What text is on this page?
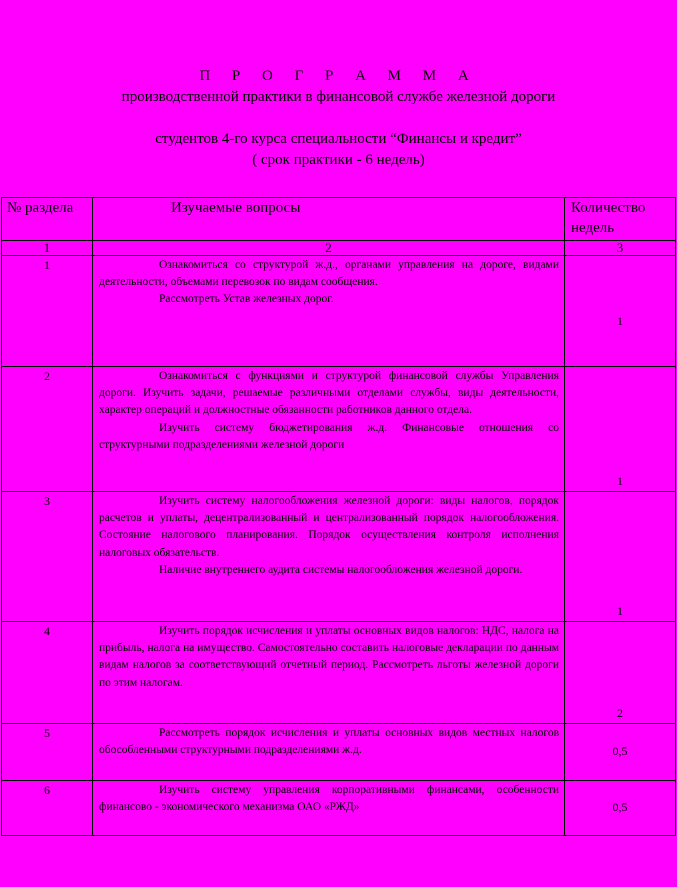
П Р О Г Р А М М А
производственной практики в финансовой службе железной дороги
студентов 4-го курса специальности “Финансы и кредит”
( срок практики - 6 недель)
№ раздела	Изучаемые вопросы	Количество недель
1	2	3
1	Ознакомиться со структурой ж.д., органами управления на дороге, видами деятельности, объемами перевозок по видам сообщения.

Рассмотреть Устав железных дорог.	1
2	Ознакомиться с функциями и структурой финансовой службы Управления дороги. Изучить задачи, решаемые различными отделами службы, виды деятельности, характер операций и должностные обязанности работников данного отдела.

Изучить систему бюджетирования ж.д. Финансовые отношения со структурными подразделениями железной дороги	1
3	Изучить систему налогообложения железной дороги: виды налогов, порядок расчетов и уплаты, децентрализованный и централизованный порядок налогообложения. Состояние налогового планирования. Порядок осуществления контроля исполнения налоговых обязательств.

Наличие внутреннего аудита системы налогообложения железной дороги.	1
4	Изучить порядок исчисления и уплаты основных видов налогов: НДС, налога на прибыль, налога на имущество. Самостоятельно составить налоговые декларации по данным видам налогов за соответствующий отчетный период. Рассмотреть льготы железной дороги по этим налогам.	2
5	Рассмотреть порядок исчисления и уплаты основных видов местных налогов обособленными структурными подразделениями ж.д.	0,5
6	Изучить систему управления корпоративными финансами, особенности финансово - экономического механизма ОАО «РЖД»	0,5
